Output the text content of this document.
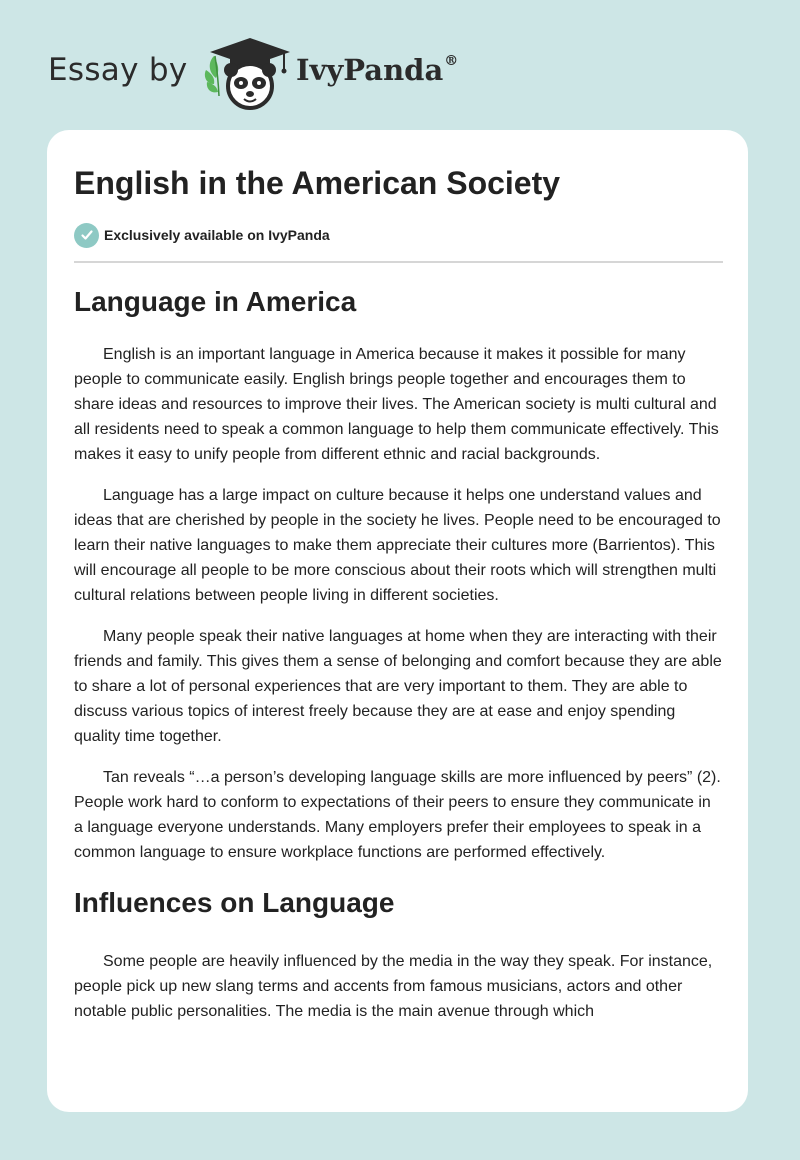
Essay by	IvyPanda®
English in the American Society
Exclusively available on IvyPanda
Language in America

English is an important language in America because it makes it possible for many people to communicate easily. English brings people together and encourages them to share ideas and resources to improve their lives. The American society is multi cultural and all residents need to speak a common language to help them communicate effectively. This makes it easy to unify people from different ethnic and racial backgrounds.

Language has a large impact on culture because it helps one understand values and ideas that are cherished by people in the society he lives. People need to be encouraged to learn their native languages to make them appreciate their cultures more (Barrientos). This will encourage all people to be more conscious about their roots which will strengthen multi cultural relations between people living in different societies.

Many people speak their native languages at home when they are interacting with their friends and family. This gives them a sense of belonging and comfort because they are able to share a lot of personal experiences that are very important to them. They are able to discuss various topics of interest freely because they are at ease and enjoy spending quality time together.

Tan reveals “…a person’s developing language skills are more influenced by peers” (2). People work hard to conform to expectations of their peers to ensure they communicate in a language everyone understands. Many employers prefer their employees to speak in a common language to ensure workplace functions are performed effectively.

Influences on Language

Some people are heavily influenced by the media in the way they speak. For instance, people pick up new slang terms and accents from famous musicians, actors and other notable public personalities. The media is the main avenue through which
